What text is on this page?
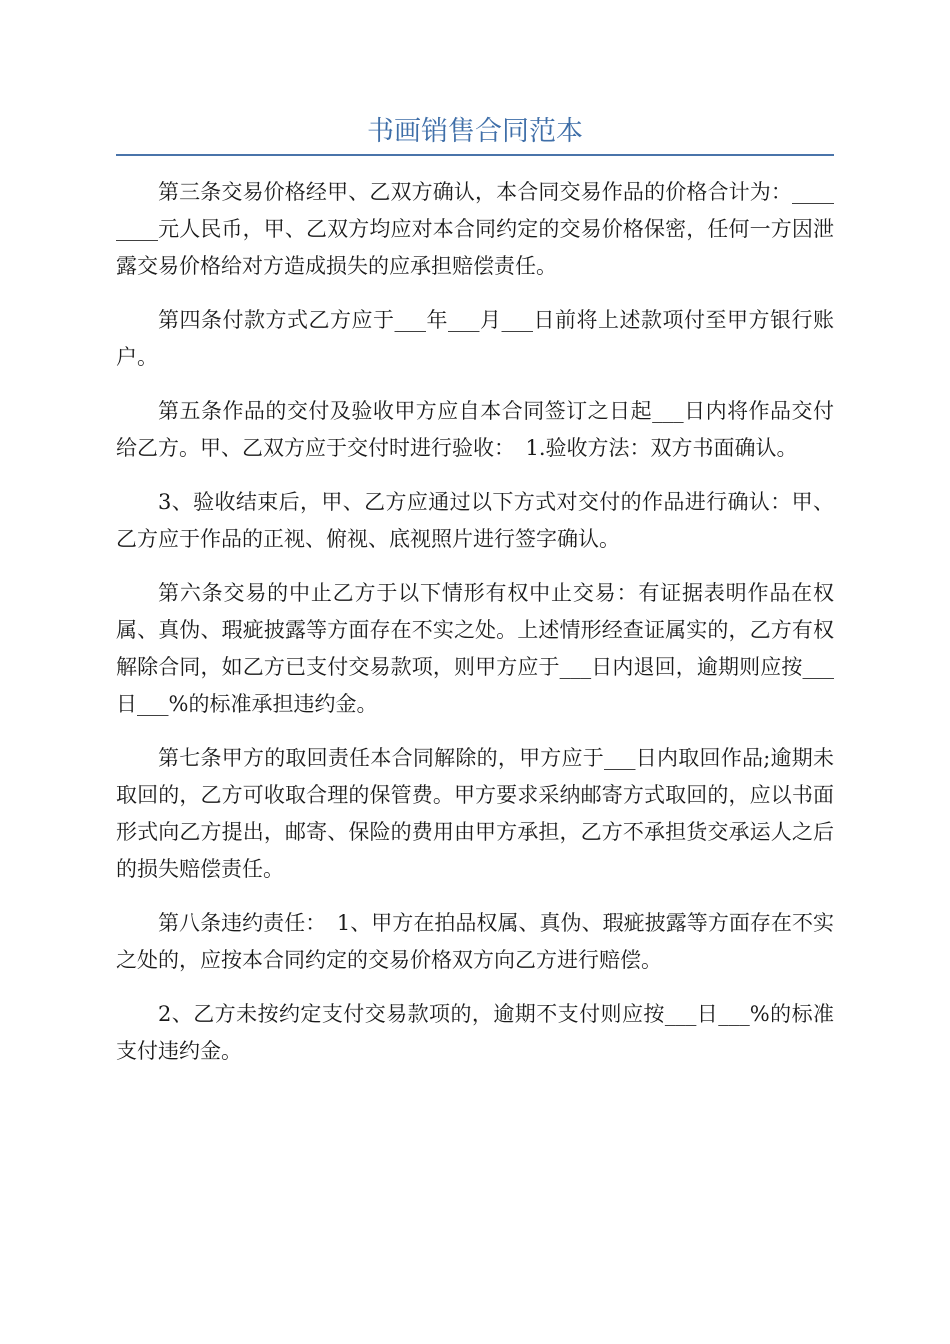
书画销售合同范本

第三条交易价格经甲、乙双方确认，本合同交易作品的价格合计为：________元人民币，甲、乙双方均应对本合同约定的交易价格保密，任何一方因泄露交易价格给对方造成损失的应承担赔偿责任。

第四条付款方式乙方应于___年___月___日前将上述款项付至甲方银行账户。

第五条作品的交付及验收甲方应自本合同签订之日起___日内将作品交付给乙方。甲、乙双方应于交付时进行验收：　1.验收方法：双方书面确认。

3、验收结束后，甲、乙方应通过以下方式对交付的作品进行确认：甲、乙方应于作品的正视、俯视、底视照片进行签字确认。

第六条交易的中止乙方于以下情形有权中止交易：有证据表明作品在权属、真伪、瑕疵披露等方面存在不实之处。上述情形经查证属实的，乙方有权解除合同，如乙方已支付交易款项，则甲方应于___日内退回，逾期则应按___日___%的标准承担违约金。

第七条甲方的取回责任本合同解除的，甲方应于___日内取回作品;逾期未取回的，乙方可收取合理的保管费。甲方要求采纳邮寄方式取回的，应以书面形式向乙方提出，邮寄、保险的费用由甲方承担，乙方不承担货交承运人之后的损失赔偿责任。

第八条违约责任：　1、甲方在拍品权属、真伪、瑕疵披露等方面存在不实之处的，应按本合同约定的交易价格双方向乙方进行赔偿。

2、乙方未按约定支付交易款项的，逾期不支付则应按___日___%的标准支付违约金。
